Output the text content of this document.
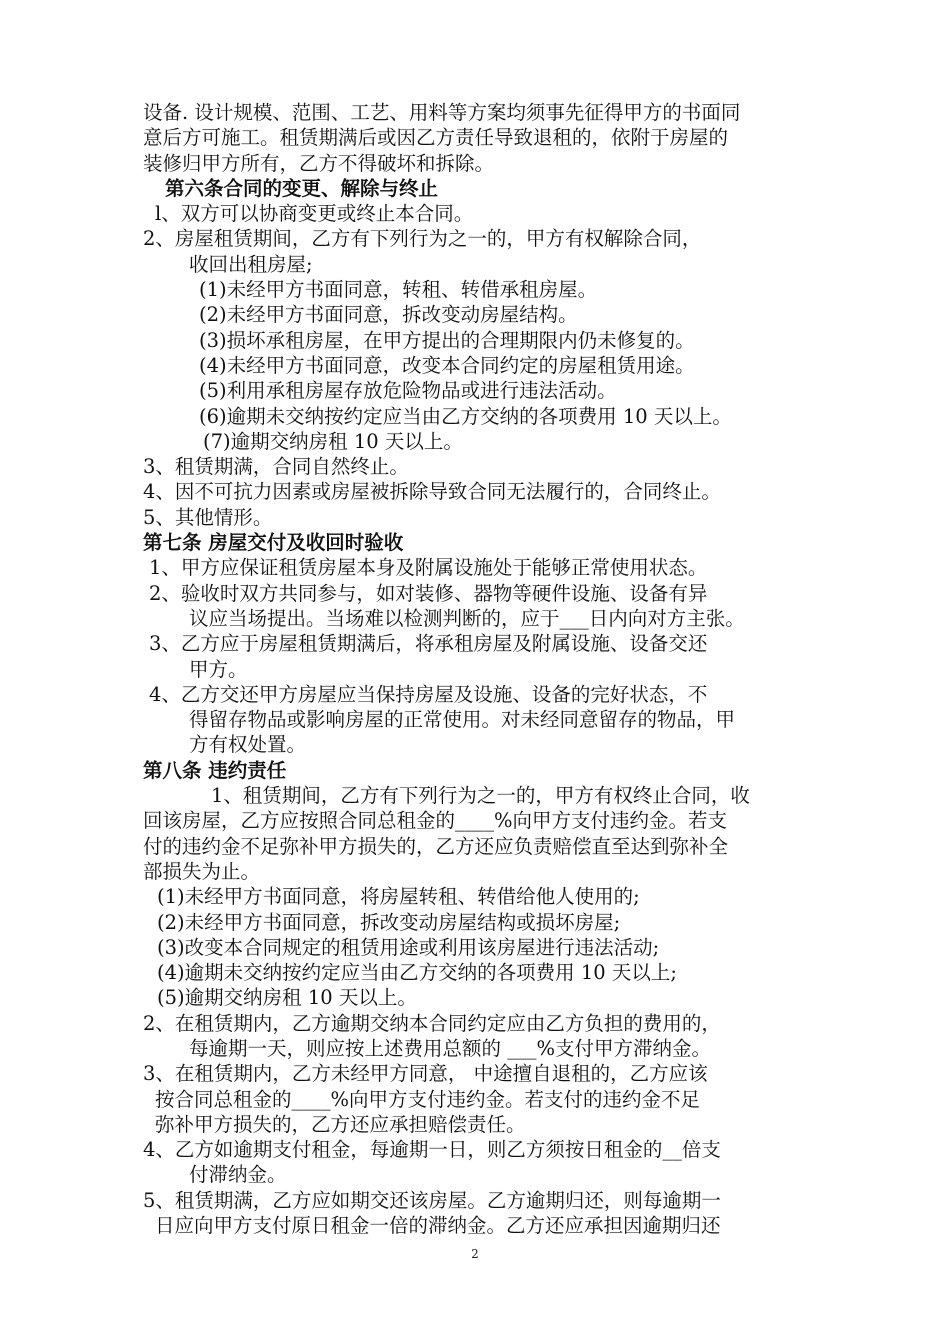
设备. 设计规模、范围、工艺、用料等方案均须事先征得甲方的书面同
意后方可施工。租赁期满后或因乙方责任导致退租的，依附于房屋的
装修归甲方所有，乙方不得破坏和拆除。
第六条合同的变更、解除与终止
l、双方可以协商变更或终止本合同。
2、房屋租赁期间，乙方有下列行为之一的，甲方有权解除合同，
收回出租房屋;
(1)未经甲方书面同意，转租、转借承租房屋。
(2)未经甲方书面同意，拆改变动房屋结构。
(3)损坏承租房屋，在甲方提出的合理期限内仍未修复的。
(4)未经甲方书面同意，改变本合同约定的房屋租赁用途。
(5)利用承租房屋存放危险物品或进行违法活动。
(6)逾期未交纳按约定应当由乙方交纳的各项费用 10 天以上。
(7)逾期交纳房租 10 天以上。
3、租赁期满，合同自然终止。
4、因不可抗力因素或房屋被拆除导致合同无法履行的，合同终止。
5、其他情形。
第七条 房屋交付及收回时验收
1、甲方应保证租赁房屋本身及附属设施处于能够正常使用状态。
2、验收时双方共同参与，如对装修、器物等硬件设施、设备有异
议应当场提出。当场难以检测判断的，应于___日内向对方主张。
3、乙方应于房屋租赁期满后，将承租房屋及附属设施、设备交还
甲方。
4、乙方交还甲方房屋应当保持房屋及设施、设备的完好状态，不
得留存物品或影响房屋的正常使用。对未经同意留存的物品，甲
方有权处置。
第八条 违约责任
1、租赁期间，乙方有下列行为之一的，甲方有权终止合同，收
回该房屋，乙方应按照合同总租金的____%向甲方支付违约金。若支
付的违约金不足弥补甲方损失的，乙方还应负责赔偿直至达到弥补全
部损失为止。
(1)未经甲方书面同意，将房屋转租、转借给他人使用的;
(2)未经甲方书面同意，拆改变动房屋结构或损坏房屋;
(3)改变本合同规定的租赁用途或利用该房屋进行违法活动;
(4)逾期未交纳按约定应当由乙方交纳的各项费用 10 天以上;
(5)逾期交纳房租 10 天以上。
2、在租赁期内，乙方逾期交纳本合同约定应由乙方负担的费用的，
每逾期一天，则应按上述费用总额的 ___%支付甲方滞纳金。
3、在租赁期内，乙方未经甲方同意， 中途擅自退租的，乙方应该
按合同总租金的____%向甲方支付违约金。若支付的违约金不足
弥补甲方损失的，乙方还应承担赔偿责任。
4、乙方如逾期支付租金，每逾期一日，则乙方须按日租金的__倍支
付滞纳金。
5、租赁期满，乙方应如期交还该房屋。乙方逾期归还，则每逾期一
日应向甲方支付原日租金一倍的滞纳金。乙方还应承担因逾期归还
2
